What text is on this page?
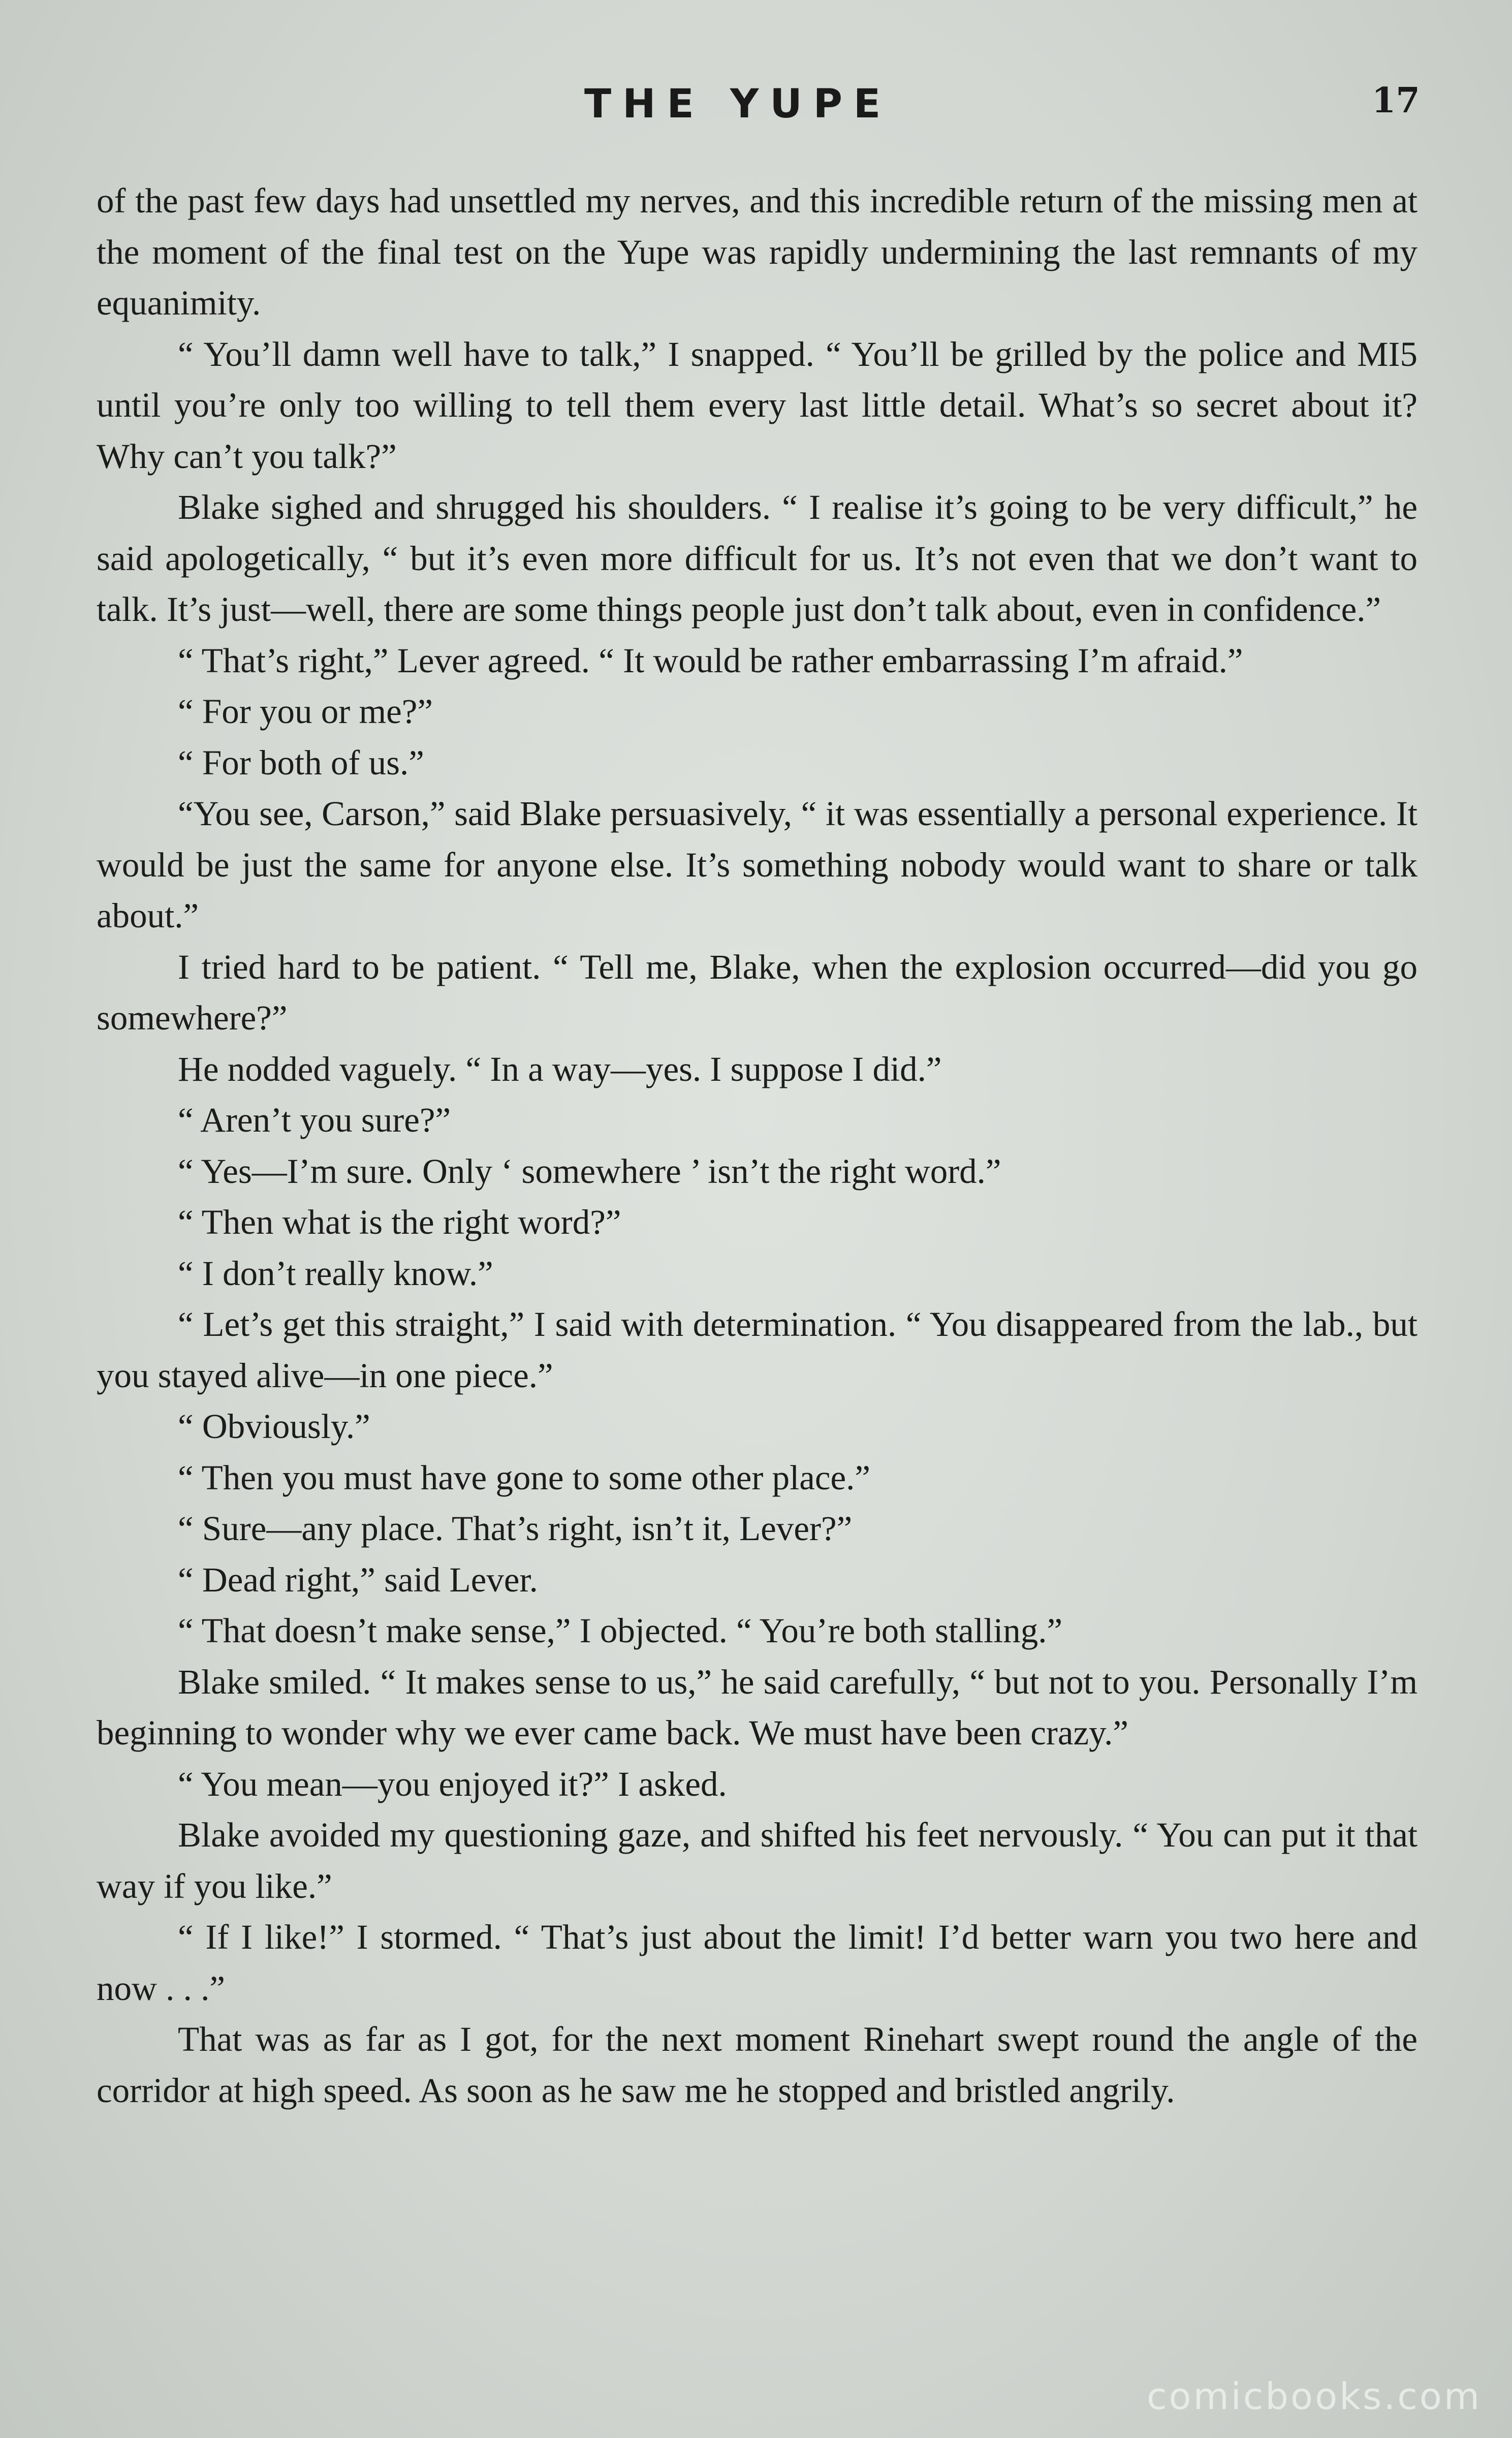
THE YUPE	17

of the past few days had unsettled my nerves, and this incredible return of the missing men at the moment of the final test on the Yupe was rapidly undermining the last remnants of my equanimity.

“ You’ll damn well have to talk,” I snapped. “ You’ll be grilled by the police and MI5 until you’re only too willing to tell them every last little detail. What’s so secret about it? Why can’t you talk?”

Blake sighed and shrugged his shoulders. “ I realise it’s going to be very difficult,” he said apologetically, “ but it’s even more difficult for us. It’s not even that we don’t want to talk. It’s just—well, there are some things people just don’t talk about, even in confidence.”

“ That’s right,” Lever agreed. “ It would be rather embarrassing I’m afraid.”

“ For you or me?”

“ For both of us.”

“You see, Carson,” said Blake persuasively, “ it was essentially a personal experience. It would be just the same for anyone else. It’s something nobody would want to share or talk about.”

I tried hard to be patient. “ Tell me, Blake, when the explosion occurred—did you go somewhere?”

He nodded vaguely. “ In a way—yes. I suppose I did.”

“ Aren’t you sure?”

“ Yes—I’m sure. Only ‘ somewhere ’ isn’t the right word.”

“ Then what is the right word?”

“ I don’t really know.”

“ Let’s get this straight,” I said with determination. “ You disappeared from the lab., but you stayed alive—in one piece.”

“ Obviously.”

“ Then you must have gone to some other place.”

“ Sure—any place. That’s right, isn’t it, Lever?”

“ Dead right,” said Lever.

“ That doesn’t make sense,” I objected. “ You’re both stalling.”

Blake smiled. “ It makes sense to us,” he said carefully, “ but not to you. Personally I’m beginning to wonder why we ever came back. We must have been crazy.”

“ You mean—you enjoyed it?” I asked.

Blake avoided my questioning gaze, and shifted his feet nervously. “ You can put it that way if you like.”

“ If I like!” I stormed. “ That’s just about the limit! I’d better warn you two here and now . . .”

That was as far as I got, for the next moment Rinehart swept round the angle of the corridor at high speed. As soon as he saw me he stopped and bristled angrily.

comicbooks.com
